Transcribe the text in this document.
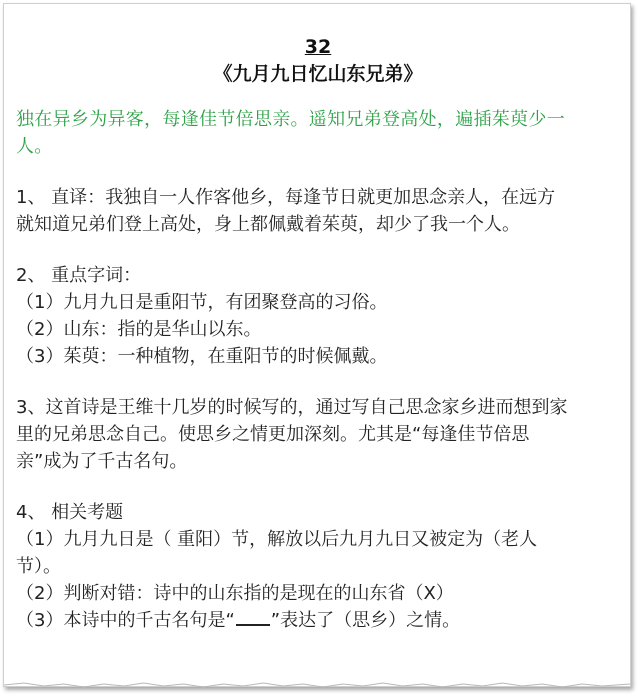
32
《九月九日忆山东兄弟》
独在异乡为异客，每逢佳节倍思亲。遥知兄弟登高处，遍插茱萸少一
人。

1、 直译：我独自一人作客他乡，每逢节日就更加思念亲人，在远方

就知道兄弟们登上高处，身上都佩戴着茱萸，却少了我一个人。

2、 重点字词：

（1）九月九日是重阳节，有团聚登高的习俗。

（2）山东：指的是华山以东。

（3）茱萸：一种植物，在重阳节的时候佩戴。

3、这首诗是王维十几岁的时候写的，通过写自己思念家乡进而想到家

里的兄弟思念自己。使思乡之情更加深刻。尤其是“每逢佳节倍思

亲”成为了千古名句。

4、 相关考题

（1）九月九日是（ 重阳）节，解放以后九月九日又被定为（老人

节）。

（2）判断对错：诗中的山东指的是现在的山东省（X）

（3）本诗中的千古名句是“ ”表达了（思乡）之情。
